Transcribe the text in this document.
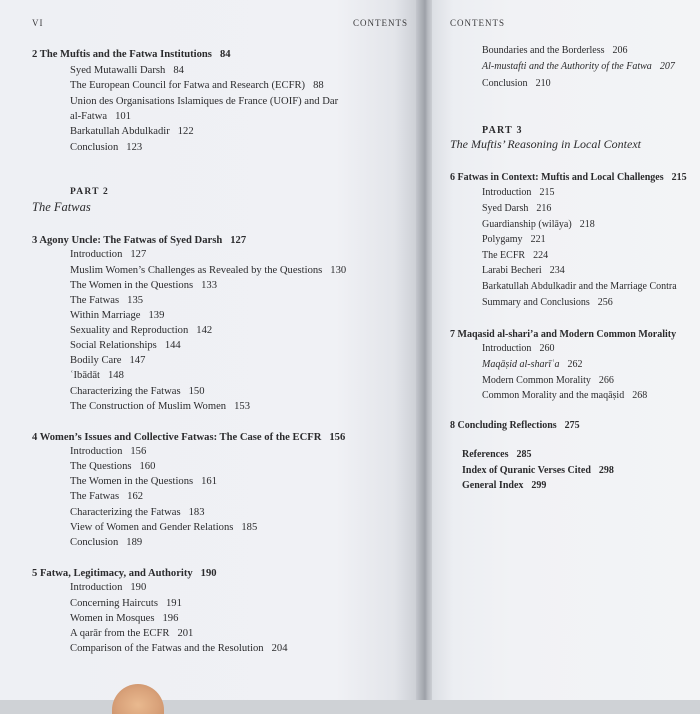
VI	CONTENTS
2 The Muftis and the Fatwa Institutions 84
Syed Mutawalli Darsh 84
The European Council for Fatwa and Research (ECFR) 88
Union des Organisations Islamiques de France (UOIF) and Dar
al-Fatwa 101
Barkatullah Abdulkadir 122
Conclusion 123
PART 2
The Fatwas
3 Agony Uncle: The Fatwas of Syed Darsh 127
Introduction 127
Muslim Women’s Challenges as Revealed by the Questions 130
The Women in the Questions 133
The Fatwas 135
Within Marriage 139
Sexuality and Reproduction 142
Social Relationships 144
Bodily Care 147
ʿIbādāt 148
Characterizing the Fatwas 150
The Construction of Muslim Women 153
4 Women’s Issues and Collective Fatwas: The Case of the ECFR 156
Introduction 156
The Questions 160
The Women in the Questions 161
The Fatwas 162
Characterizing the Fatwas 183
View of Women and Gender Relations 185
Conclusion 189
5 Fatwa, Legitimacy, and Authority 190
Introduction 190
Concerning Haircuts 191
Women in Mosques 196
A qarār from the ECFR 201
Comparison of the Fatwas and the Resolution 204
CONTENTS
Boundaries and the Borderless 206
Al-mustafti and the Authority of the Fatwa 207
Conclusion 210
PART 3
The Muftis’ Reasoning in Local Context
6 Fatwas in Context: Muftis and Local Challenges 215
Introduction 215
Syed Darsh 216
Guardianship (wilāya) 218
Polygamy 221
The ECFR 224
Larabi Becheri 234
Barkatullah Abdulkadir and the Marriage Contra
Summary and Conclusions 256
7 Maqasid al-shari’a and Modern Common Morality
Introduction 260
Maqāṣid al-sharīʿa 262
Modern Common Morality 266
Common Morality and the maqāṣid 268
8 Concluding Reflections 275
References 285
Index of Quranic Verses Cited 298
General Index 299
